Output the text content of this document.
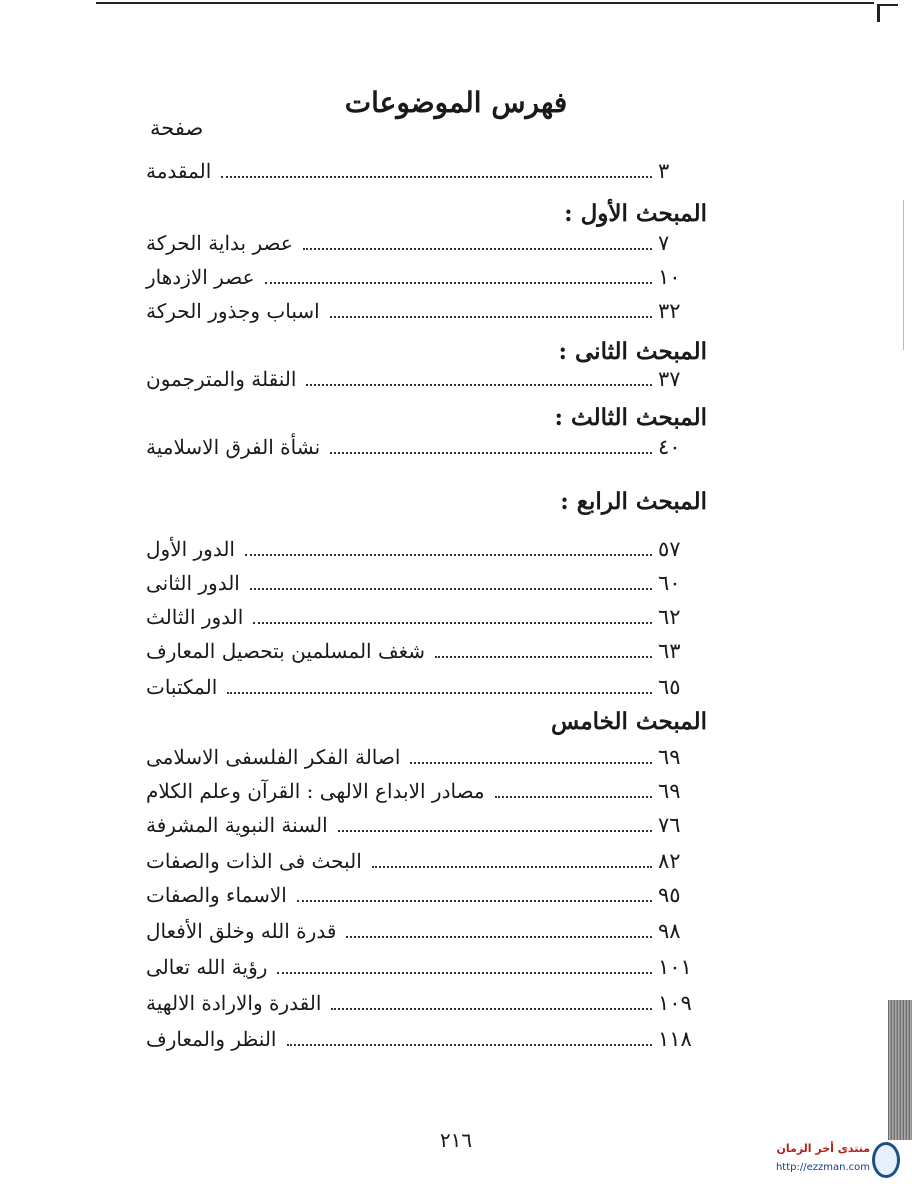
فهرس الموضوعات
صفحة
المقدمة	٣
المبحث الأول :
عصر بداية الحركة	٧
عصر الازدهار	١٠
اسباب وجذور الحركة	٣٢
المبحث الثانى :
النقلة والمترجمون	٣٧
المبحث الثالث :
نشأة الفرق الاسلامية	٤٠
المبحث الرابع :
الدور الأول	٥٧
الدور الثانى	٦٠
الدور الثالث	٦٢
شغف المسلمين بتحصيل المعارف	٦٣
المكتبات	٦٥
المبحث الخامس
اصالة الفكر الفلسفى الاسلامى	٦٩
مصادر الابداع الالهى : القرآن وعلم الكلام	٦٩
السنة النبوية المشرفة	٧٦
البحث فى الذات والصفات	٨٢
الاسماء والصفات	٩٥
قدرة الله وخلق الأفعال	٩٨
رؤية الله تعالى	١٠١
القدرة والارادة الالهية	١٠٩
النظر والمعارف	١١٨
٢١٦	منتدى أخر الزمان
http://ezzman.com
